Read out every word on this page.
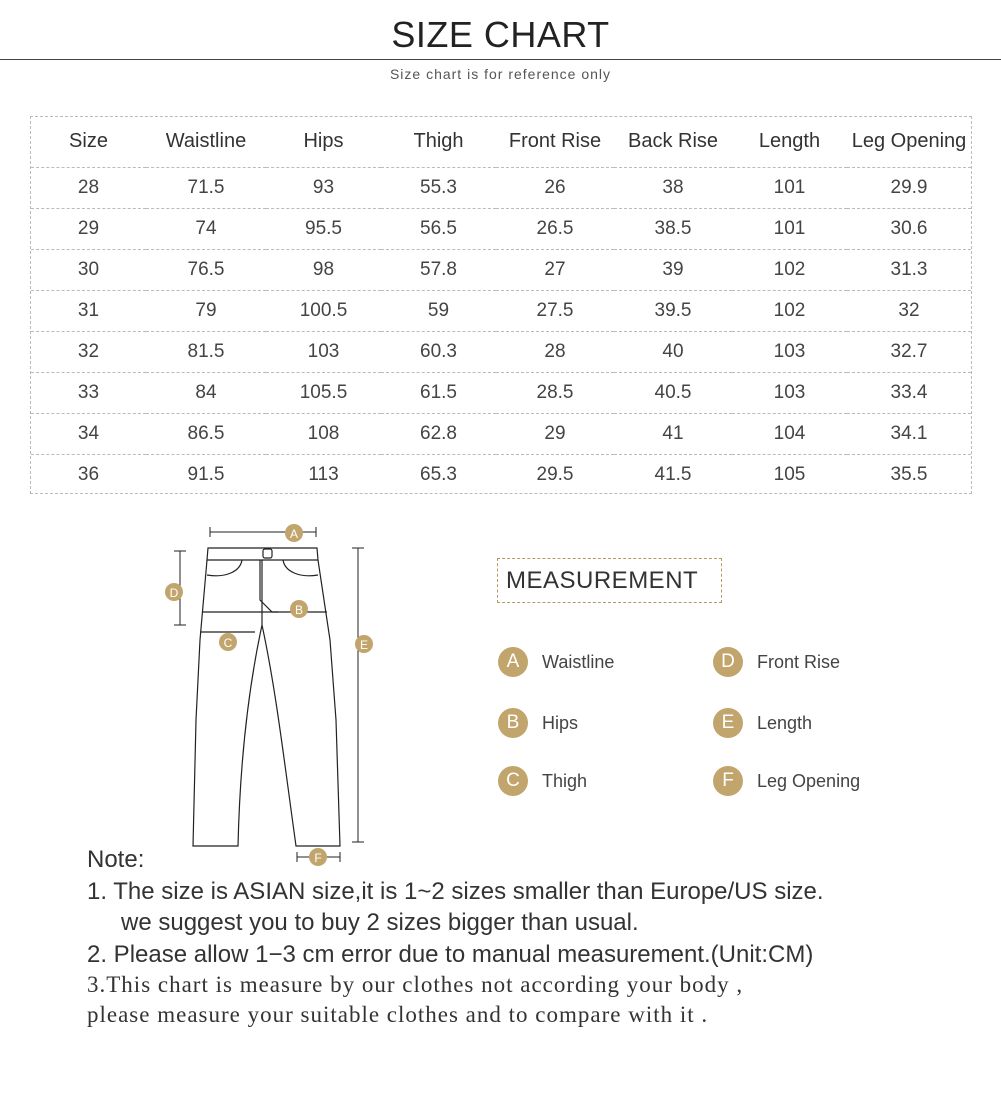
SIZE CHART
Size chart is for reference only
Size	Waistline	Hips	Thigh	Front Rise	Back Rise	Length	Leg Opening
28	71.5	93	55.3	26	38	101	29.9
29	74	95.5	56.5	26.5	38.5	101	30.6
30	76.5	98	57.8	27	39	102	31.3
31	79	100.5	59	27.5	39.5	102	32
32	81.5	103	60.3	28	40	103	32.7
33	84	105.5	61.5	28.5	40.5	103	33.4
34	86.5	108	62.8	29	41	104	34.1
36	91.5	113	65.3	29.5	41.5	105	35.5
A
B
C
D
E
F
MEASUREMENT
A	Waistline
B	Hips
C	Thigh
D	Front Rise
E	Length
F	Leg Opening
Note:
1. The size is ASIAN size,it is 1~2 sizes smaller than Europe/US size.
we suggest you to buy 2 sizes bigger than usual.
2. Please allow 1−3 cm error due to manual measurement.(Unit:CM)
3.This chart is measure by our clothes not according your body ,
please measure your suitable clothes and to compare with it .
